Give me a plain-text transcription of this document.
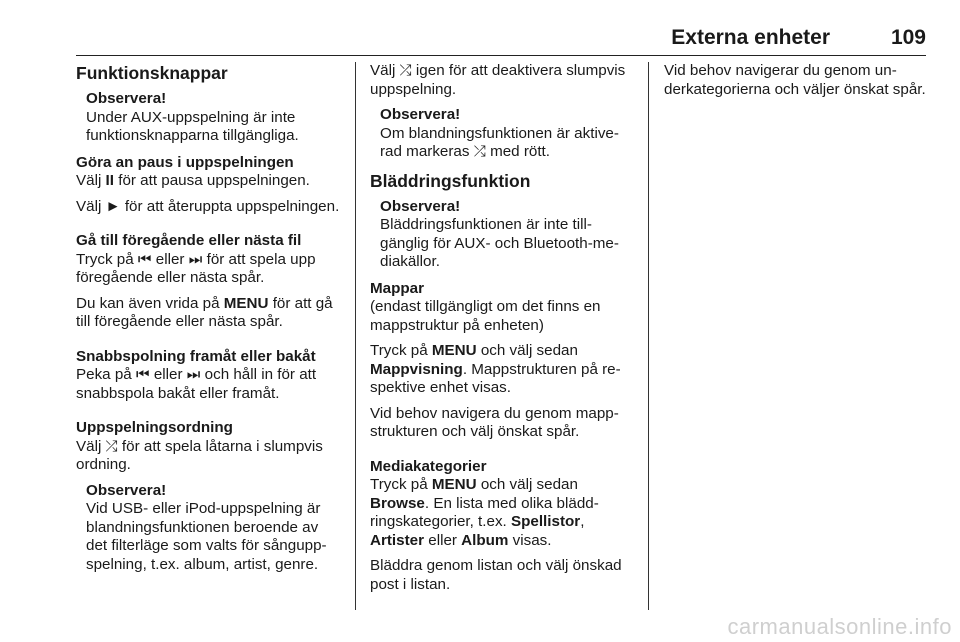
Externa enheter	109
Funktionsknappar
Observera!
Under AUX-uppspelning är inte funktionsknapparna tillgängliga.
Göra an paus i uppspelningen

Välj II för att pausa uppspelningen.

Välj ► för att återuppta uppspelningen.

Gå till föregående eller nästa fil

Tryck på ⏮ eller ⏭ för att spela upp föregående eller nästa spår.

Du kan även vrida på MENU för att gå till föregående eller nästa spår.

Snabbspolning framåt eller bakåt

Peka på ⏮ eller ⏭ och håll in för att snabbspola bakåt eller framåt.

Uppspelningsordning

Välj ⤮ för att spela låtarna i slumpvis ordning.

Observera!
Vid USB- eller iPod-uppspelning är blandningsfunktionen beroende av det filterläge som valts för sånguppspelning, t.ex. album, artist, genre.

Välj ⤮ igen för att deaktivera slumpvis uppspelning.

Observera!
Om blandningsfunktionen är aktiverad markeras ⤮ med rött.
Bläddringsfunktion
Observera!
Bläddringsfunktionen är inte tillgänglig för AUX- och Bluetooth-mediakällor.
Mappar

(endast tillgängligt om det finns en mappstruktur på enheten)

Tryck på MENU och välj sedan Mappvisning. Mappstrukturen på respektive enhet visas.

Vid behov navigera du genom mappstrukturen och välj önskat spår.

Mediakategorier

Tryck på MENU och välj sedan Browse. En lista med olika bläddringskategorier, t.ex. Spellistor, Artister eller Album visas.

Bläddra genom listan och välj önskad post i listan.

Vid behov navigerar du genom underkategorierna och väljer önskat spår.

carmanualsonline.info
